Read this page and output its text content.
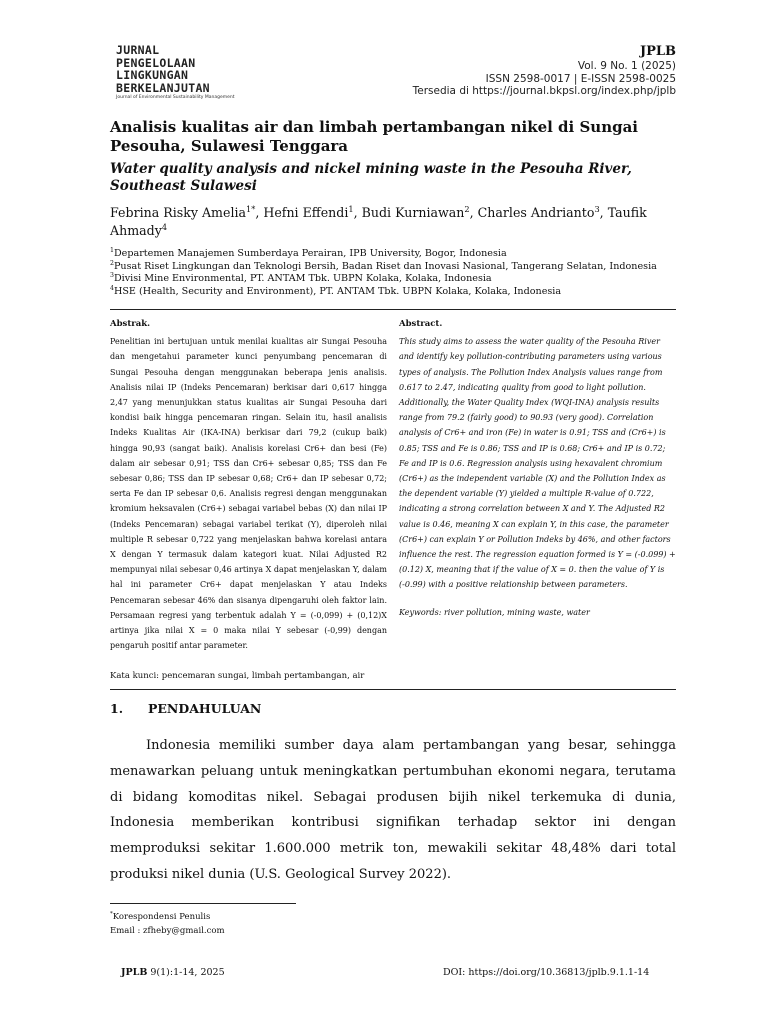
JURNAL
PENGELOLAAN
LINGKUNGAN
BERKELANJUTAN
Journal of Environmental Sustainability Management
JPLB
Vol. 9 No. 1 (2025)
ISSN 2598-0017 | E-ISSN 2598-0025
Tersedia di https://journal.bkpsl.org/index.php/jplb
Analisis kualitas air dan limbah pertambangan nikel di Sungai Pesouha, Sulawesi Tenggara
Water quality analysis and nickel mining waste in the Pesouha River, Southeast Sulawesi
Febrina Risky Amelia$^{1*}$, Hefni Effendi$^1$, Budi Kurniawan$^2$, Charles Andrianto$^3$, Taufik Ahmady$^4$
$^1$Departemen Manajemen Sumberdaya Perairan, IPB University, Bogor, Indonesia
$^2$Pusat Riset Lingkungan dan Teknologi Bersih, Badan Riset dan Inovasi Nasional, Tangerang Selatan, Indonesia
$^3$Divisi Mine Environmental, PT. ANTAM Tbk. UBPN Kolaka, Kolaka, Indonesia
$^4$HSE (Health, Security and Environment), PT. ANTAM Tbk. UBPN Kolaka, Kolaka, Indonesia
Abstrak.
Penelitian ini bertujuan untuk menilai kualitas air Sungai Pesouha dan mengetahui parameter kunci penyumbang pencemaran di Sungai Pesouha dengan menggunakan beberapa jenis analisis. Analisis nilai IP (Indeks Pencemaran) berkisar dari 0,617 hingga 2,47 yang menunjukkan status kualitas air Sungai Pesouha dari kondisi baik hingga pencemaran ringan. Selain itu, hasil analisis Indeks Kualitas Air (IKA-INA) berkisar dari 79,2 (cukup baik) hingga 90,93 (sangat baik). Analisis korelasi Cr6+ dan besi (Fe) dalam air sebesar 0,91; TSS dan Cr6+ sebesar 0,85; TSS dan Fe sebesar 0,86; TSS dan IP sebesar 0,68; Cr6+ dan IP sebesar 0,72; serta Fe dan IP sebesar 0,6. Analisis regresi dengan menggunakan kromium heksavalen (Cr6+) sebagai variabel bebas (X) dan nilai IP (Indeks Pencemaran) sebagai variabel terikat (Y), diperoleh nilai multiple R sebesar 0,722 yang menjelaskan bahwa korelasi antara X dengan Y termasuk dalam kategori kuat. Nilai Adjusted R2 mempunyai nilai sebesar 0,46 artinya X dapat menjelaskan Y, dalam hal ini parameter Cr6+ dapat menjelaskan Y atau Indeks Pencemaran sebesar 46% dan sisanya dipengaruhi oleh faktor lain. Persamaan regresi yang terbentuk adalah Y = (-0,099) + (0,12)X artinya jika nilai X = 0 maka nilai Y sebesar (-0,99) dengan pengaruh positif antar parameter.
Abstract.
This study aims to assess the water quality of the Pesouha River and identify key pollution-contributing parameters using various types of analysis. The Pollution Index Analysis values range from 0.617 to 2.47, indicating quality from good to light pollution. Additionally, the Water Quality Index (WQI-INA) analysis results range from 79.2 (fairly good) to 90.93 (very good). Correlation analysis of Cr6+ and iron (Fe) in water is 0.91; TSS and (Cr6+) is 0.85; TSS and Fe is 0.86; TSS and IP is 0.68; Cr6+ and IP is 0.72; Fe and IP is 0.6. Regression analysis using hexavalent chromium (Cr6+) as the independent variable (X) and the Pollution Index as the dependent variable (Y) yielded a multiple R-value of 0.722, indicating a strong correlation between X and Y. The Adjusted R2 value is 0.46, meaning X can explain Y, in this case, the parameter (Cr6+) can explain Y or Pollution Indeks by 46%, and other factors influence the rest. The regression equation formed is Y = (-0.099) + (0.12) X, meaning that if the value of X = 0. then the value of Y is (-0.99) with a positive relationship between parameters.
Keywords: river pollution, mining waste, water
Kata kunci: pencemaran sungai, limbah pertambangan, air
1. PENDAHULUAN
Indonesia memiliki sumber daya alam pertambangan yang besar, sehingga menawarkan peluang untuk meningkatkan pertumbuhan ekonomi negara, terutama di bidang komoditas nikel. Sebagai produsen bijih nikel terkemuka di dunia, Indonesia memberikan kontribusi signifikan terhadap sektor ini dengan memproduksi sekitar 1.600.000 metrik ton, mewakili sekitar 48,48% dari total produksi nikel dunia (U.S. Geological Survey 2022).
*Korespondensi Penulis
Email : zfheby@gmail.com
JPLB 9(1):1-14, 2025	DOI: https://doi.org/10.36813/jplb.9.1.1-14
